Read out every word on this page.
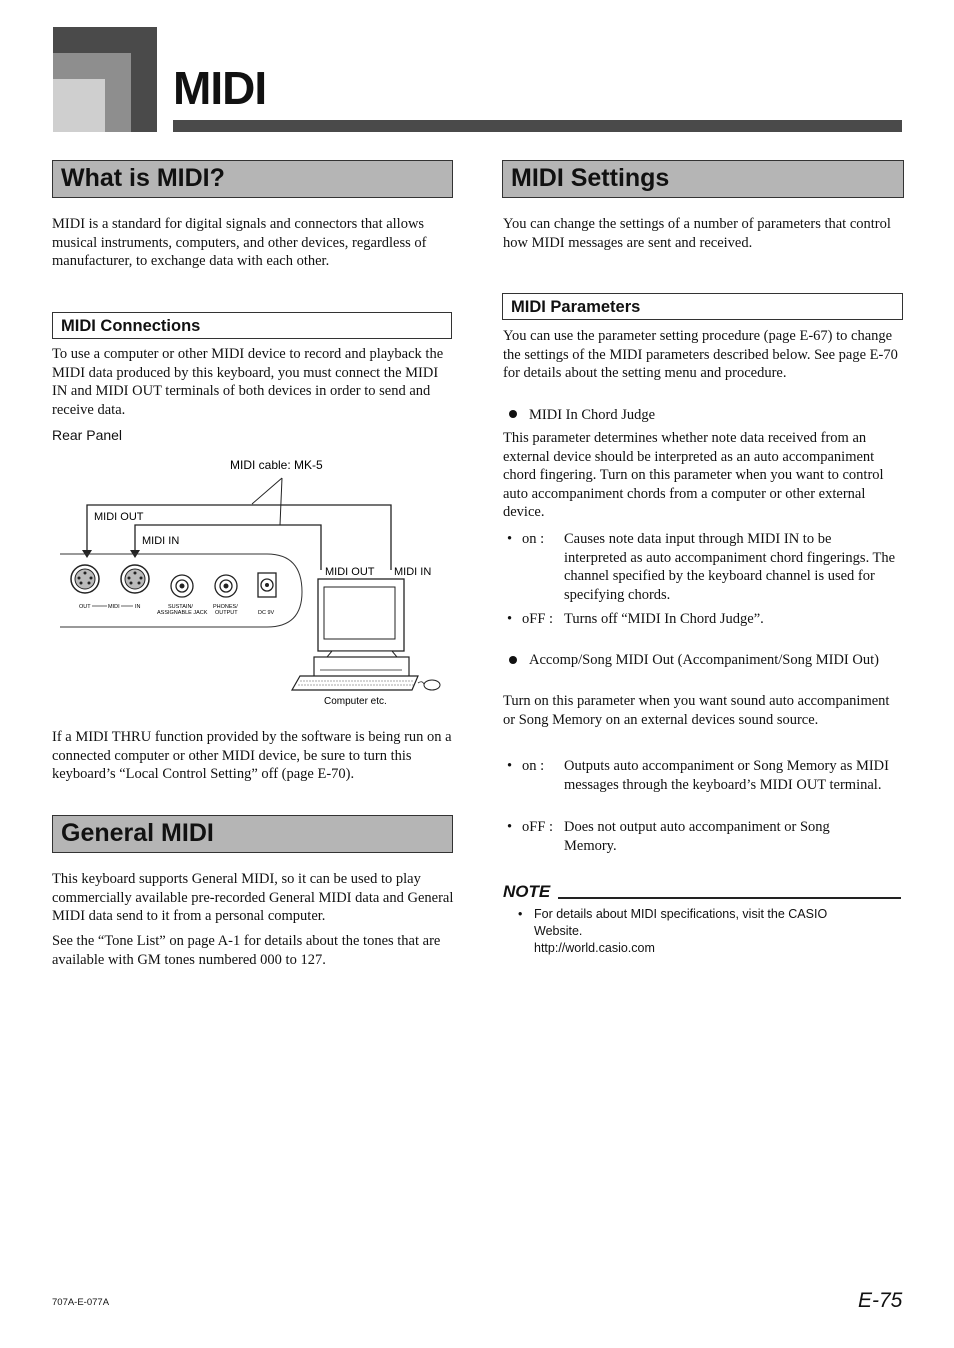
MIDI
What is MIDI?

MIDI is a standard for digital signals and connectors that allows musical instruments, computers, and other devices, regardless of manufacturer, to exchange data with each other.

MIDI Connections

To use a computer or other MIDI device to record and playback the MIDI data produced by this keyboard, you must connect the MIDI IN and MIDI OUT terminals of both devices in order to send and receive data.

Rear Panel
MIDI cable: MK-5
MIDI OUT
MIDI IN
OUT	MIDI	IN	SUSTAIN/
ASSIGNABLE JACK
PHONES/
OUTPUT	DC 9V
MIDI OUT MIDI IN
Computer etc.

If a MIDI THRU function provided by the software is being run on a connected computer or other MIDI device, be sure to turn this keyboard’s “Local Control Setting” off (page E-70).

General MIDI

This keyboard supports General MIDI, so it can be used to play commercially available pre-recorded General MIDI data and General MIDI data send to it from a personal computer.

See the “Tone List” on page A-1 for details about the tones that are available with GM tones numbered 000 to 127.

MIDI Settings

You can change the settings of a number of parameters that control how MIDI messages are sent and received.

MIDI Parameters

You can use the parameter setting procedure (page E-67) to change the settings of the MIDI parameters described below. See page E-70 for details about the setting menu and procedure.

MIDI In Chord Judge

This parameter determines whether note data received from an external device should be interpreted as an auto accompaniment chord fingering. Turn on this parameter when you want to control auto accompaniment chords from a computer or other external device.

• on : Causes note data input through MIDI IN to be interpreted as auto accompaniment chord fingerings. The channel specified by the keyboard channel is used for specifying chords.
• oFF : Turns off “MIDI In Chord Judge”.
Accomp/Song MIDI Out (Accompaniment/Song MIDI Out)

Turn on this parameter when you want sound auto accompaniment or Song Memory on an external devices sound source.

• on : Outputs auto accompaniment or Song Memory as MIDI messages through the keyboard’s MIDI OUT terminal.
• oFF : Does not output auto accompaniment or Song Memory.
NOTE
• For details about MIDI specifications, visit the CASIO Website.
http://world.casio.com
707A-E-077A	E-75
